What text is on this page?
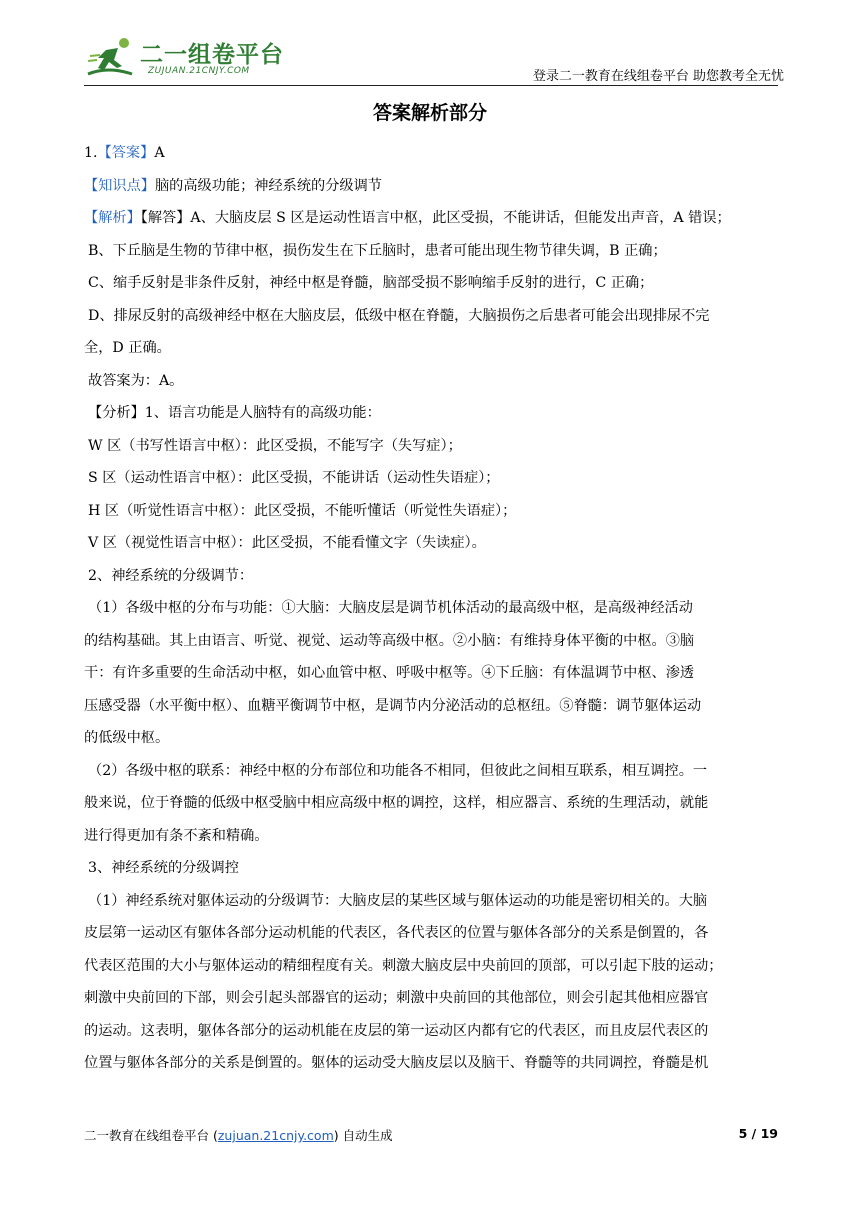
二一组卷平台
ZUJUAN.21CNJY.COM	登录二一教育在线组卷平台 助您教考全无忧
答案解析部分
1.【答案】A
【知识点】脑的高级功能；神经系统的分级调节
【解析】【解答】A、大脑皮层 S 区是运动性语言中枢，此区受损，不能讲话，但能发出声音，A 错误；
B、下丘脑是生物的节律中枢，损伤发生在下丘脑时，患者可能出现生物节律失调，B 正确；
C、缩手反射是非条件反射，神经中枢是脊髓，脑部受损不影响缩手反射的进行，C 正确；
D、排尿反射的高级神经中枢在大脑皮层，低级中枢在脊髓，大脑损伤之后患者可能会出现排尿不完
全，D 正确。
故答案为：A。
【分析】1、语言功能是人脑特有的高级功能：
W 区（书写性语言中枢）：此区受损，不能写字（失写症）；
S 区（运动性语言中枢）：此区受损，不能讲话（运动性失语症）；
H 区（听觉性语言中枢）：此区受损，不能听懂话（听觉性失语症）；
V 区（视觉性语言中枢）：此区受损，不能看懂文字（失读症）。
2、神经系统的分级调节：
（1）各级中枢的分布与功能：①大脑：大脑皮层是调节机体活动的最高级中枢，是高级神经活动
的结构基础。其上由语言、听觉、视觉、运动等高级中枢。②小脑：有维持身体平衡的中枢。③脑
干：有许多重要的生命活动中枢，如心血管中枢、呼吸中枢等。④下丘脑：有体温调节中枢、渗透
压感受器（水平衡中枢）、血糖平衡调节中枢，是调节内分泌活动的总枢纽。⑤脊髓：调节躯体运动
的低级中枢。
（2）各级中枢的联系：神经中枢的分布部位和功能各不相同，但彼此之间相互联系，相互调控。一
般来说，位于脊髓的低级中枢受脑中相应高级中枢的调控，这样，相应器言、系统的生理活动，就能
进行得更加有条不紊和精确。
3、神经系统的分级调控
（1）神经系统对躯体运动的分级调节：大脑皮层的某些区域与躯体运动的功能是密切相关的。大脑
皮层第一运动区有躯体各部分运动机能的代表区，各代表区的位置与躯体各部分的关系是倒置的，各
代表区范围的大小与躯体运动的精细程度有关。刺激大脑皮层中央前回的顶部，可以引起下肢的运动；
刺激中央前回的下部，则会引起头部器官的运动；刺激中央前回的其他部位，则会引起其他相应器官
的运动。这表明，躯体各部分的运动机能在皮层的第一运动区内都有它的代表区，而且皮层代表区的
位置与躯体各部分的关系是倒置的。躯体的运动受大脑皮层以及脑干、脊髓等的共同调控，脊髓是机
二一教育在线组卷平台 (zujuan.21cnjy.com) 自动生成	5 / 19
